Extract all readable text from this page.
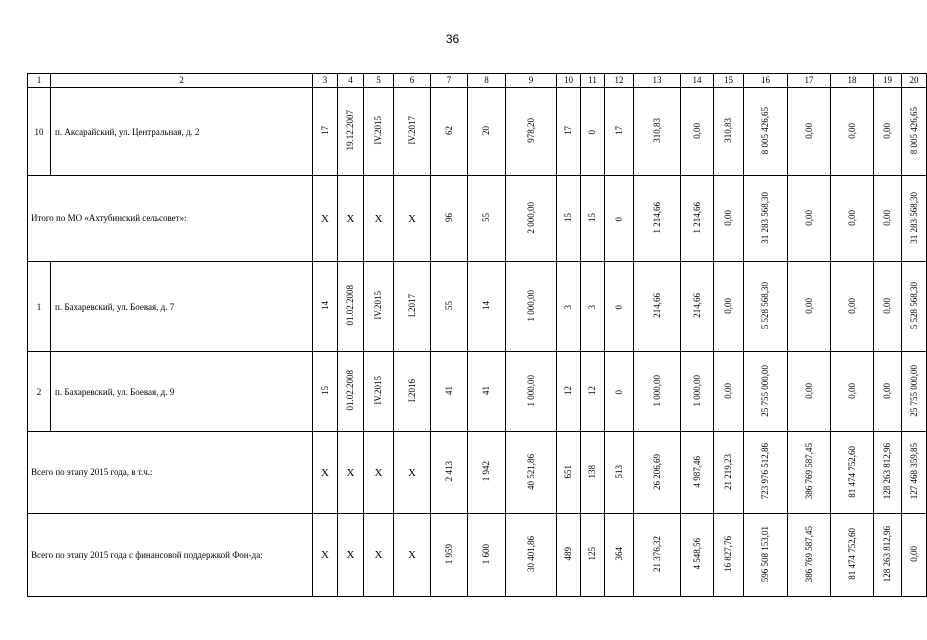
36
1	2	3	4	5	6	7	8	9	10	11	12	13	14	15	16	17	18	19	20
10	п. Аксарайский, ул. Центральная, д. 2	17	19.12.2007	IV.2015	IV.2017	62	20	978,20	17	0	17	310,83	0,00	310,83	8 005 426,65	0,00	0,00	0,00	8 005 426,65
Итого по МО «Ахтубинский сельсовет»:		X	X	X	X	96	55	2 000,00	15	15	0	1 214,66	1 214,66	0,00	31 283 568,30	0,00	0,00	0,00	31 283 568,30
1	п. Бахаревский, ул. Боевая, д. 7	14	01.02.2008	IV.2015	I.2017	55	14	1 000,00	3	3	0	214,66	214,66	0,00	5 528 568,30	0,00	0,00	0,00	5 528 568,30
2	п. Бахаревский, ул. Боевая, д. 9	15	01.02.2008	IV.2015	I.2016	41	41	1 000,00	12	12	0	1 000,00	1 000,00	0,00	25 755 000,00	0,00	0,00	0,00	25 755 000,00
Всего по этапу 2015 года, в т.ч.:		X	X	X	X	2 413	1 942	40 521,86	651	138	513	26 206,69	4 987,46	21 219,23	723 976 512,86	386 769 587,45	81 474 752,60	128 263 812,96	127 468 359,85
Всего по этапу 2015 года с финансовой поддержкой Фон-да:		X	X	X	X	1 959	1 600	30 401,86	489	125	364	21 376,32	4 548,56	16 827,76	596 508 153,01	386 769 587,45	81 474 752,60	128 263 812,96	0,00
